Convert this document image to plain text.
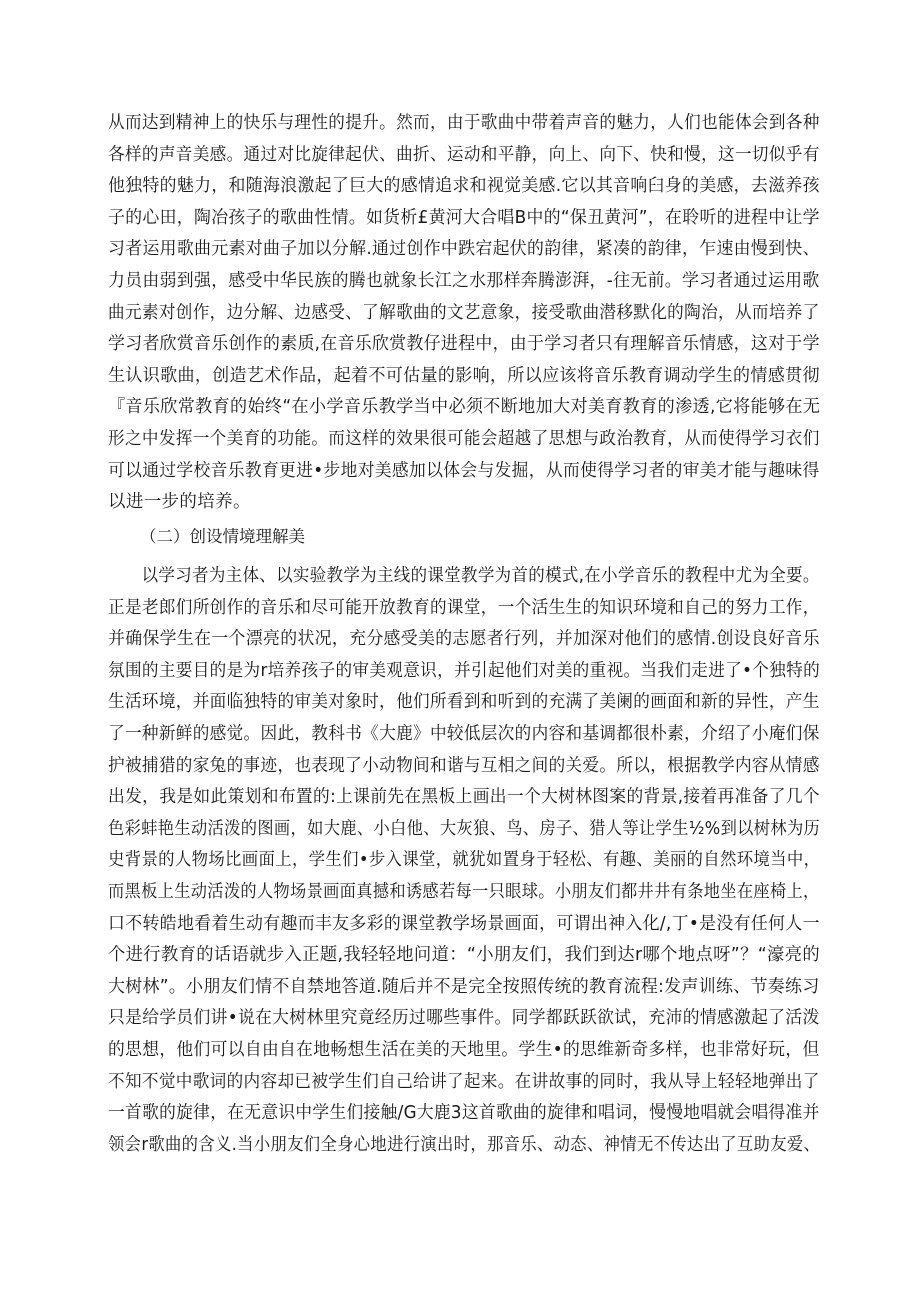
从而达到精神上的快乐与理性的提升。然而，由于歌曲中带着声音的魅力，人们也能体会到各种
各样的声音美感。通过对比旋律起伏、曲折、运动和平静，向上、向下、快和慢，这一切似乎有
他独特的魅力，和随海浪激起了巨大的感情追求和视觉美感.它以其音响臼身的美感，去滋养孩
子的心田，陶冶孩子的歌曲性情。如货析£黄河大合唱B中的“保丑黄河”，在聆听的进程中让学
习者运用歌曲元素对曲子加以分解.通过创作中跌宕起伏的韵律，紧凑的韵律，乍速由慢到快、
力员由弱到强，感受中华民族的腾也就象长江之水那样奔腾澎湃，-往无前。学习者通过运用歌
曲元素对创作，边分解、边感受、了解歌曲的文艺意象，接受歌曲潜移默化的陶治，从而培养了
学习者欣赏音乐创作的素质,在音乐欣赏教仔进程中，由于学习者只有理解音乐情感，这对于学
生认识歌曲，创造艺术作品，起着不可估量的影响，所以应该将音乐教育调动学生的情感贯彻
『音乐欣常教育的始终“在小学音乐教学当中必须不断地加大对美育教育的渗透,它将能够在无
形之中发挥一个美育的功能。而这样的效果很可能会超越了思想与政治教育，从而使得学习衣们
可以通过学校音乐教育更进•步地对美感加以体会与发掘，从而使得学习者的审美才能与趣味得
以进一步的培养。
（二）创设情境理解美
　　以学习者为主体、以实验教学为主线的课堂教学为首的模式,在小学音乐的教程中尤为全要。
正是老郎们所创作的音乐和尽可能开放教育的课堂，一个活生生的知识环境和自己的努力工作，
并确保学生在一个漂亮的状况，充分感受美的志愿者行列，并加深对他们的感情.创设良好音乐
氛围的主要目的是为r培养孩子的审美观意识，并引起他们对美的重视。当我们走进了•个独特的
生活环境，并面临独特的审美对象时，他们所看到和听到的充满了美阑的画面和新的异性，产生
了一种新鲜的感觉。因此，教科书《大鹿》中较低层次的内容和基调都很朴素，介绍了小庵们保
护被捕猎的家兔的事迹，也表现了小动物间和谐与互相之间的关爱。所以，根据教学内容从情感
出发，我是如此策划和布置的:上课前先在黑板上画出一个大树林图案的背景,接着再准备了几个
色彩蚌艳生动活泼的图画，如大鹿、小白他、大灰狼、鸟、房子、猎人等让学生½%到以树林为历
史背景的人物场比画面上，学生们•步入课堂，就犹如置身于轻松、有趣、美丽的自然环境当中，
而黑板上生动活泼的人物场景画面真撼和诱感若每一只眼球。小朋友们都井井有条地坐在座椅上，
口不转皓地看着生动有趣而丰友多彩的课堂教学场景画面，可谓出神入化/,丁•是没有任何人一
个进行教育的话语就步入正题,我轻轻地问道：“小朋友们，我们到达r哪个地点呀”？“濠亮的
大树林”。小朋友们情不自禁地答道.随后并不是完全按照传统的教育流程:发声训练、节奏练习
只是给学员们讲•说在大树林里究竟经历过哪些事件。同学都跃跃欲试，充沛的情感激起了活泼
的思想，他们可以自由自在地畅想生活在美的天地里。学生•的思维新奇多样，也非常好玩，但
不知不觉中歌词的内容却已被学生们自己给讲了起来。在讲故事的同时，我从导上轻轻地弹出了
一首歌的旋律，在无意识中学生们接触/G大鹿3这首歌曲的旋律和唱词，慢慢地唱就会唱得准并
领会r歌曲的含义.当小朋友们全身心地进行演出时，那音乐、动态、神情无不传达出了互助友爱、
